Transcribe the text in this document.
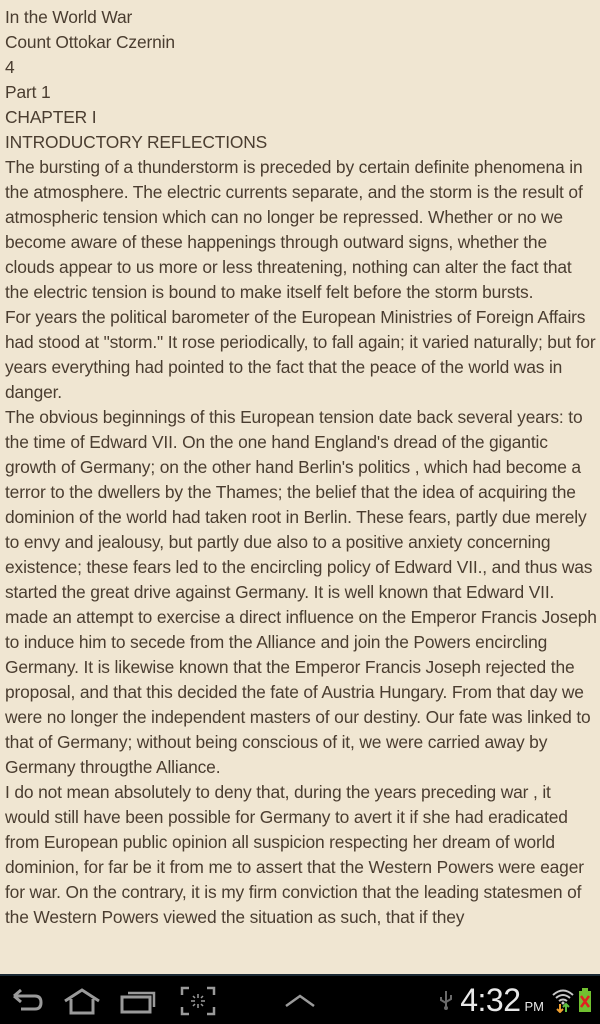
In the World War

Count Ottokar Czernin

4

Part 1

CHAPTER I

INTRODUCTORY REFLECTIONS

The bursting of a thunderstorm is preceded by certain definite phenomena in the atmosphere. The electric currents separate, and the storm is the result of atmospheric tension which can no longer be repressed. Whether or no we become aware of these happenings through outward signs, whether the clouds appear to us more or less threatening, nothing can alter the fact that the electric tension is bound to make itself felt before the storm bursts.

For years the political barometer of the European Ministries of Foreign Affairs had stood at "storm." It rose periodically, to fall again; it varied naturally; but for years everything had pointed to the fact that the peace of the world was in danger.

The obvious beginnings of this European tension date back several years: to the time of Edward VII. On the one hand England's dread of the gigantic growth of Germany; on the other hand Berlin's politics , which had become a terror to the dwellers by the Thames; the belief that the idea of acquiring the dominion of the world had taken root in Berlin. These fears, partly due merely to envy and jealousy, but partly due also to a positive anxiety concerning existence; these fears led to the encircling policy of Edward VII., and thus was started the great drive against Germany. It is well known that Edward VII. made an attempt to exercise a direct influence on the Emperor Francis Joseph to induce him to secede from the Alliance and join the Powers encircling Germany. It is likewise known that the Emperor Francis Joseph rejected the proposal, and that this decided the fate of Austria Hungary. From that day we were no longer the independent masters of our destiny. Our fate was linked to that of Germany; without being conscious of it, we were carried away by Germany througthe Alliance.

I do not mean absolutely to deny that, during the years preceding war , it would still have been possible for Germany to avert it if she had eradicated from European public opinion all suspicion respecting her dream of world dominion, for far be it from me to assert that the Western Powers were eager for war. On the contrary, it is my firm conviction that the leading statesmen of the Western Powers viewed the situation as such, that if they

4:32 PM
